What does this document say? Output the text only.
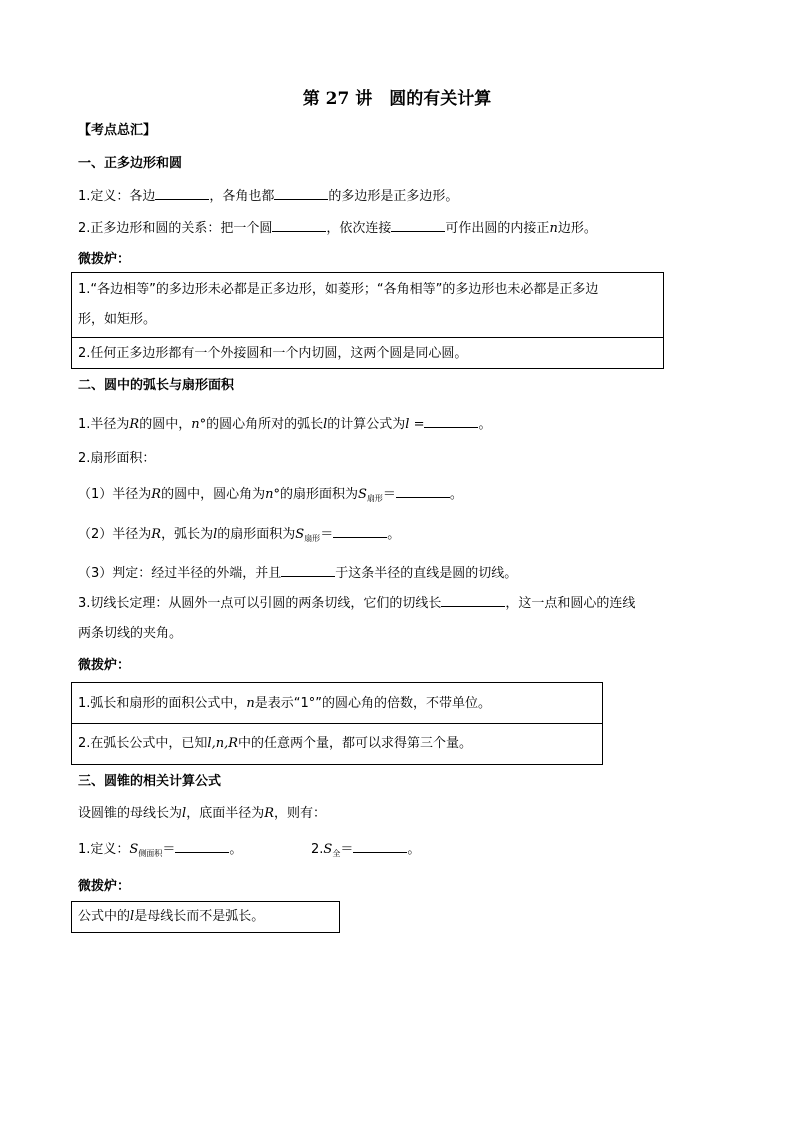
第 27 讲　圆的有关计算
【考点总汇】
一、正多边形和圆
1.定义：各边	，各角也都	的多边形是正多边形。
2.正多边形和圆的关系：把一个圆	，依次连接	可作出圆的内接正n边形。
微拨炉：
1.“各边相等”的多边形未必都是正多边形，如菱形；“各角相等”的多边形也未必都是正多边
形，如矩形。
2.任何正多边形都有一个外接圆和一个内切圆，这两个圆是同心圆。
二、圆中的弧长与扇形面积
1.半径为R的圆中，n°的圆心角所对的弧长l的计算公式为l =	。
2.扇形面积：
（1）半径为R的圆中，圆心角为n°的扇形面积为$S_{扇形}=$	。
（2）半径为R，弧长为l的扇形面积为$S_{扇形}=$	。
（3）判定：经过半径的外端，并且	于这条半径的直线是圆的切线。
3.切线长定理：从圆外一点可以引圆的两条切线，它们的切线长	，这一点和圆心的连线
两条切线的夹角。
微拨炉：
1.弧长和扇形的面积公式中，n是表示“1°”的圆心角的倍数，不带单位。
2.在弧长公式中，已知l,n,R中的任意两个量，都可以求得第三个量。
三、圆锥的相关计算公式
设圆锥的母线长为l，底面半径为R，则有：
1.定义：$S_{侧面积}=$	。	$2.S_全=$	。
微拨炉：
公式中的l是母线长而不是弧长。
